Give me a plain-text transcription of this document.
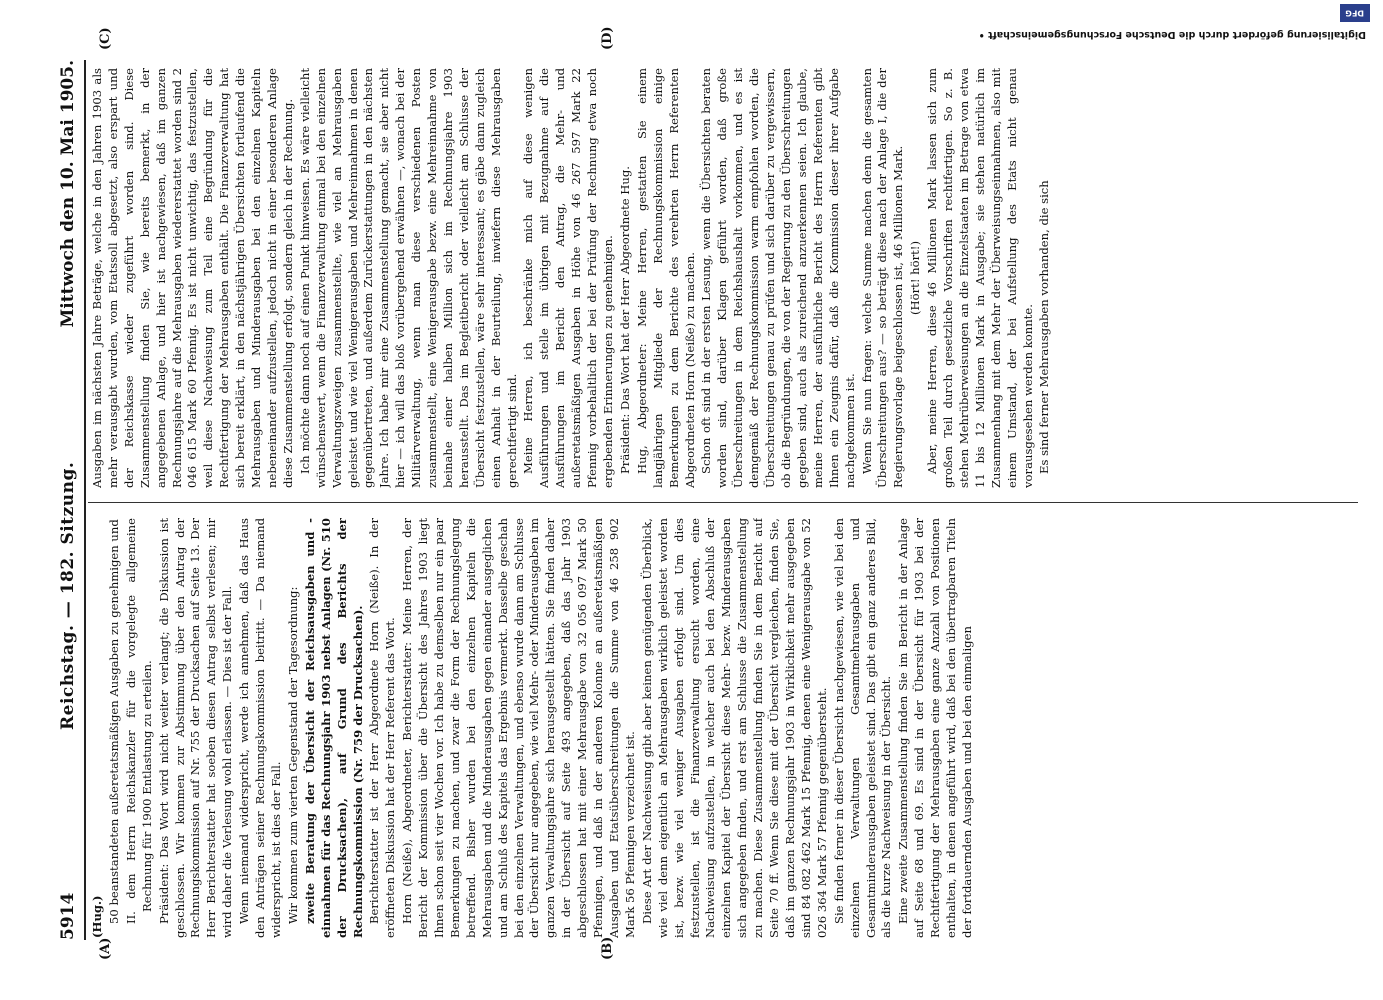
5914
Reichstag. — 182. Sitzung.
Mittwoch den 10. Mai 1905.
(A)	(B)
(C)	(D)

(Hug.) 50 beanstandeten außeretatsmäßigen Ausgaben zu genehmigen und II. dem Herrn Reichskanzler für die vorgelegte allgemeine Rechnung für 1900 Entlastung zu erteilen. Präsident: Das Wort wird nicht weiter verlangt; die Diskussion ist geschlossen. Wir kommen zur Abstimmung über den Antrag der Rechnungskommission auf Nr. 755 der Drucksachen auf Seite 13. Der Herr Berichterstatter hat soeben diesen Antrag selbst verlesen; mir wird daher die Verlesung wohl erlassen. — Dies ist der Fall. Wenn niemand widerspricht, werde ich annehmen, daß das Haus den Anträgen seiner Rechnungskommission beitritt. — Da niemand widerspricht, ist dies der Fall. Wir kommen zum vierten Gegenstand der Tagesordnung: zweite Beratung der Übersicht der Reichsausgaben und -einnahmen für das Rechnungsjahr 1903 nebst Anlagen (Nr. 510 der Drucksachen), auf Grund des Berichts der Rechnungskommission (Nr. 759 der Drucksachen). Berichterstatter ist der Herr Abgeordnete Horn (Neiße). In der eröffneten Diskussion hat der Herr Referent das Wort. Horn (Neiße), Abgeordneter, Berichterstatter: Meine Herren, der Bericht der Kommission über die Übersicht des Jahres 1903 liegt Ihnen schon seit vier Wochen vor. Ich habe zu demselben nur ein paar Bemerkungen zu machen, und zwar die Form der Rechnungslegung betreffend. Bisher wurden bei den einzelnen Kapiteln die Mehrausgaben und die Minderausgaben gegen einander ausgeglichen und am Schluß des Kapitels das Ergebnis vermerkt. Dasselbe geschah bei den einzelnen Verwaltungen, und ebenso wurde dann am Schlusse der Übersicht nur angegeben, wie viel Mehr- oder Minderausgaben im ganzen Verwaltungsjahre sich herausgestellt hätten. Sie finden daher in der Übersicht auf Seite 493 angegeben, daß das Jahr 1903 abgeschlossen hat mit einer Mehrausgabe von 32 056 097 Mark 50 Pfennigen, und daß in der anderen Kolonne an außeretatsmäßigen Ausgaben und Etatsüberschreitungen die Summe von 46 258 902 Mark 56 Pfennigen verzeichnet ist. Diese Art der Nachweisung gibt aber keinen genügenden Überblick, wie viel denn eigentlich an Mehrausgaben wirklich geleistet worden ist, bezw. wie viel weniger Ausgaben erfolgt sind. Um dies festzustellen, ist die Finanzverwaltung ersucht worden, eine Nachweisung aufzustellen, in welcher auch bei den Abschluß der einzelnen Kapitel der Übersicht diese Mehr- bezw. Minderausgaben sich angegeben finden, und erst am Schlusse die Zusammenstellung zu machen. Diese Zusammenstellung finden Sie in dem Bericht auf Seite 70 ff. Wenn Sie diese mit der Übersicht vergleichen, finden Sie, daß im ganzen Rechnungsjahr 1903 in Wirklichkeit mehr ausgegeben sind 84 082 462 Mark 15 Pfennig, denen eine Wenigerausgabe von 52 026 364 Mark 57 Pfennig gegenübersteht. Sie finden ferner in dieser Übersicht nachgewiesen, wie viel bei den einzelnen Verwaltungen Gesamtmehrausgaben und Gesamtminderausgaben geleistet sind. Das gibt ein ganz anderes Bild, als die kurze Nachweisung in der Übersicht. Eine zweite Zusammenstellung finden Sie im Bericht in der Anlage auf Seite 68 und 69. Es sind in der Übersicht für 1903 bei der Rechtfertigung der Mehrausgaben eine ganze Anzahl von Positionen enthalten, in denen angeführt wird, daß bei den übertragbaren Titeln der fortdauernden Ausgaben und bei den einmaligen

Ausgaben im nächsten Jahre Beträge, welche in den Jahren 1903 als mehr verausgabt wurden, vom Etatssoll abgesetzt, also erspart und der Reichskasse wieder zugeführt worden sind. Diese Zusammenstellung finden Sie, wie bereits bemerkt, in der angegebenen Anlage, und hier ist nachgewiesen, daß im ganzen Rechnungsjahre auf die Mehrausgaben wiedererstattet worden sind 2 046 615 Mark 60 Pfennig. Es ist nicht unwichtig, das festzustellen, weil diese Nachweisung zum Teil eine Begründung für die Rechtfertigung der Mehrausgaben enthält. Die Finanzverwaltung hat sich bereit erklärt, in den nächstjährigen Übersichten fortlaufend die Mehrausgaben und Minderausgaben bei den einzelnen Kapiteln nebeneinander aufzustellen, jedoch nicht in einer besonderen Anlage diese Zusammenstellung erfolgt, sondern gleich in der Rechnung. Ich möchte dann noch auf einen Punkt hinweisen. Es wäre vielleicht wünschenswert, wenn die Finanzverwaltung einmal bei den einzelnen Verwaltungszweigen zusammenstellte, wie viel an Mehrausgaben geleistet und wie viel Wenigerausgaben und Mehreinnahmen in denen gegenübertreten, und außerdem Zurückerstattungen in den nächsten Jahre. Ich habe mir eine Zusammenstellung gemacht, sie aber nicht hier — ich will das bloß vorübergehend erwähnen —, wonach bei der Militärverwaltung, wenn man diese verschiedenen Posten zusammenstellt, eine Wenigerausgabe bezw. eine Mehreinnahme von beinahe einer halben Million sich im Rechnungsjahre 1903 herausstellt. Das im Begleitbericht oder vielleicht am Schlusse der Übersicht festzustellen, wäre sehr interessant; es gäbe dann zugleich einen Anhalt in der Beurteilung, inwiefern diese Mehrausgaben gerechtfertigt sind. Meine Herren, ich beschränke mich auf diese wenigen Ausführungen und stelle im übrigen mit Bezugnahme auf die Ausführungen im Bericht den Antrag, die Mehr- und außeretatsmäßigen Ausgaben in Höhe von 46 267 597 Mark 22 Pfennig vorbehaltlich der bei der Prüfung der Rechnung etwa noch ergebenden Erinnerungen zu genehmigen. Präsident: Das Wort hat der Herr Abgeordnete Hug. Hug, Abgeordneter: Meine Herren, gestatten Sie einem langjährigen Mitgliede der Rechnungskommission einige Bemerkungen zu dem Berichte des verehrten Herrn Referenten Abgeordneten Horn (Neiße) zu machen. Schon oft sind in der ersten Lesung, wenn die Übersichten beraten worden sind, darüber Klagen geführt worden, daß große Überschreitungen in dem Reichshaushalt vorkommen, und es ist demgemäß der Rechnungskommission warm empfohlen worden, die Überschreitungen genau zu prüfen und sich darüber zu vergewissern, ob die Begründungen, die von der Regierung zu den Überschreitungen gegeben sind, auch als zureichend anzuerkennen seien. Ich glaube, meine Herren, der ausführliche Bericht des Herrn Referenten gibt Ihnen ein Zeugnis dafür, daß die Kommission dieser ihrer Aufgabe nachgekommen ist. Wenn Sie nun fragen: welche Summe machen denn die gesamten Überschreitungen aus? — so beträgt diese nach der Anlage I, die der Regierungsvorlage beigeschlossen ist, 46 Millionen Mark. (Hört! hört!) Aber, meine Herren, diese 46 Millionen Mark lassen sich zum großen Teil durch gesetzliche Vorschriften rechtfertigen. So z. B. stehen Mehrüberweisungen an die Einzelstaaten im Betrage von etwa 11 bis 12 Millionen Mark in Ausgabe; sie stehen natürlich im Zusammenhang mit dem Mehr der Überweisungseinnahmen, also mit einem Umstand, der bei Aufstellung des Etats nicht genau vorausgesehen werden konnte. Es sind ferner Mehrausgaben vorhanden, die sich

Digitalisierung gefördert durch die Deutsche Forschungsgemeinschaft •
DFG
